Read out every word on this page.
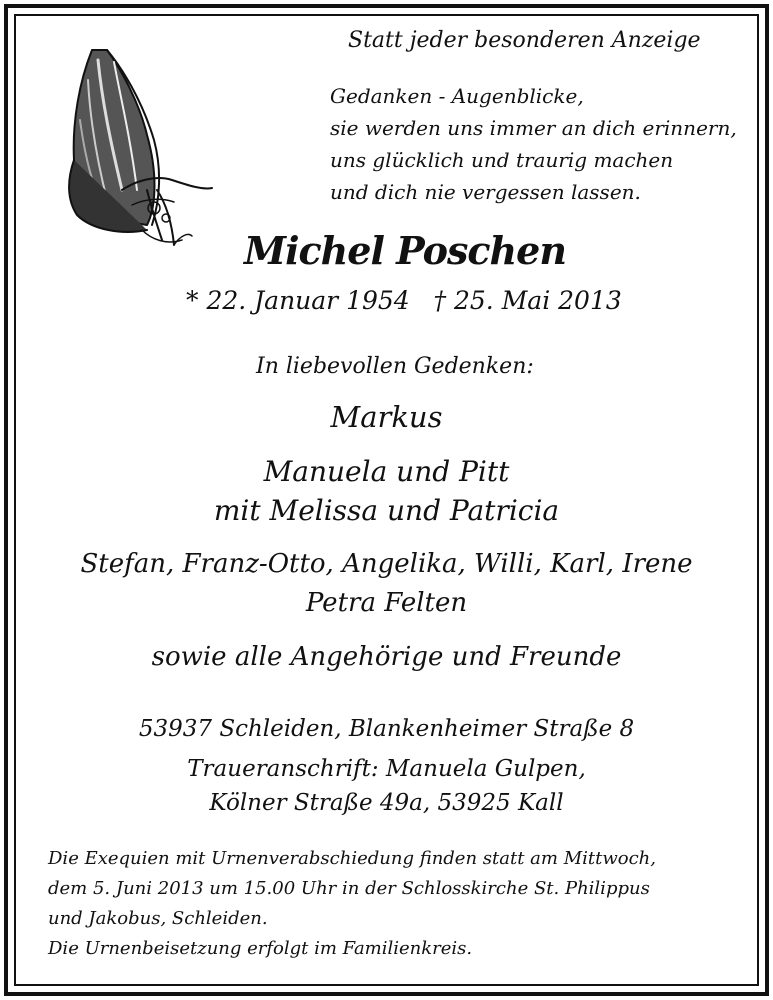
Statt jeder besonderen Anzeige

Gedanken - Augenblicke,

sie werden uns immer an dich erinnern,

uns glücklich und traurig machen

und dich nie vergessen lassen.

Michel Poschen

* 22. Januar 1954   † 25. Mai 2013

In liebevollen Gedenken:

Markus

Manuela und Pitt

mit Melissa und Patricia

Stefan, Franz-Otto, Angelika, Willi, Karl, Irene

Petra Felten

sowie alle Angehörige und Freunde

53937 Schleiden, Blankenheimer Straße 8

Traueranschrift: Manuela Gulpen,

Kölner Straße 49a, 53925 Kall

Die Exequien mit Urnenverabschiedung finden statt am Mittwoch,

dem 5. Juni 2013 um 15.00 Uhr in der Schlosskirche St. Philippus

und Jakobus, Schleiden.

Die Urnenbeisetzung erfolgt im Familienkreis.
